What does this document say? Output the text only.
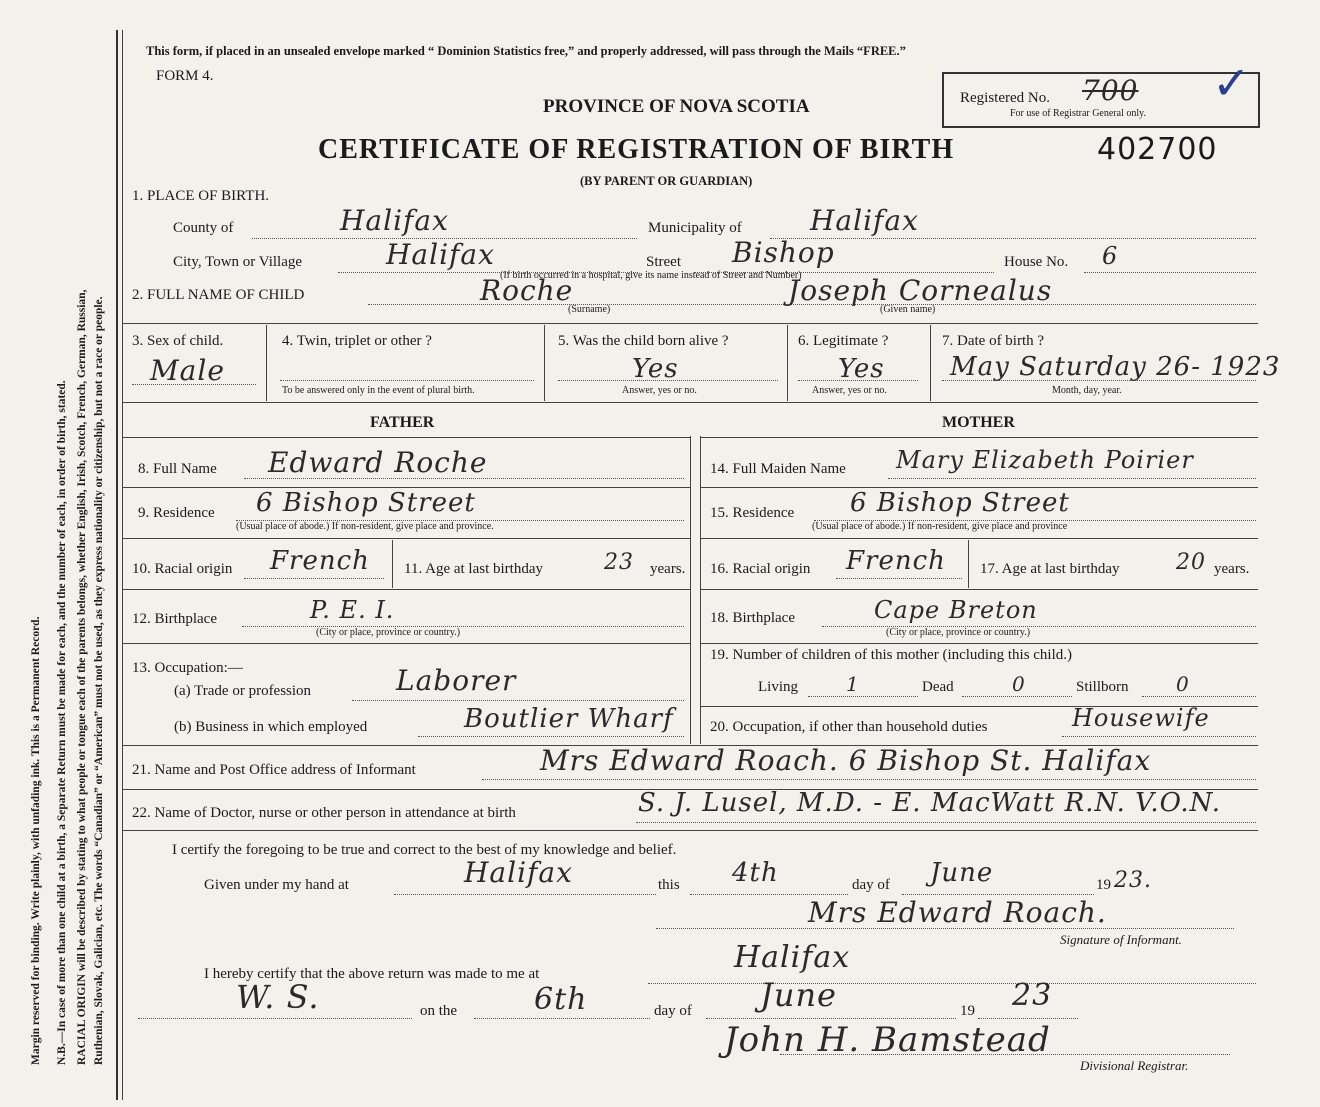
Margin reserved for binding. Write plainly, with unfading ink. This is a Permanent Record. N.B.—In case of more than one child at a birth, a Separate Return must be made for each, and the number of each, in order of birth, stated. RACIAL ORIGIN will be described by stating to what people or tongue each of the parents belongs, whether English, Irish, Scotch, French, German, Russian, Ruthenian, Slovak, Galician, etc. The words “Canadian” or “American” must not be used, as they express nationality or citizenship, but not a race or people.
This form, if placed in an unsealed envelope marked “ Dominion Statistics free,” and properly addressed, will pass through the Mails “FREE.”
FORM 4.
PROVINCE OF NOVA SCOTIA
CERTIFICATE OF REGISTRATION OF BIRTH
(BY PARENT OR GUARDIAN)
Registered No. 700
For use of Registrar General only.
✓
402700
1. PLACE OF BIRTH.
County of	Halifax	Municipality of Halifax
City, Town or Village	Halifax	Street Bishop	House No. 6
(If birth occurred in a hospital, give its name instead of Street and Number)
2. FULL NAME OF CHILD	Roche
(Surname)
Joseph Cornealus
(Given name)
3. Sex of child.
Male
4. Twin, triplet or other ?
To be answered only in the event of plural birth.
5. Was the child born alive ?
Yes
Answer, yes or no.
6. Legitimate ?
Yes
Answer, yes or no.
7. Date of birth ?
May Saturday 26- 1923
Month, day, year.
FATHER	MOTHER
8. Full Name Edward Roche
9. Residence 6 Bishop Street
(Usual place of abode.) If non-resident, give place and province.
10. Racial origin French 11. Age at last birthday	23 years.
12. Birthplace	P. E. I.
(City or place, province or country.)
13. Occupation:—
(a) Trade or profession	Laborer
(b) Business in which employed	Boutlier Wharf
14. Full Maiden Name Mary Elizabeth Poirier
15. Residence 6 Bishop Street
(Usual place of abode.) If non-resident, give place and province
16. Racial origin French 17. Age at last birthday	20 years.
18. Birthplace	Cape Breton
(City or place, province or country.)
19. Number of children of this mother (including this child.)
Living 1	Dead	0	Stillborn 0
20. Occupation, if other than household duties	Housewife
21. Name and Post Office address of Informant	Mrs Edward Roach. 6 Bishop St. Halifax
22. Name of Doctor, nurse or other person in attendance at birth	S. J. Lusel, M.D. - E. MacWatt R.N. V.O.N.
I certify the foregoing to be true and correct to the best of my knowledge and belief.
Given under my hand at	Halifax	this 4th	day of June	19 23.
Mrs Edward Roach.
Signature of Informant.
I hereby certify that the above return was made to me at	Halifax
W. S.	on the	6th	day of June	19 23
John H. Bamstead
Divisional Registrar.
